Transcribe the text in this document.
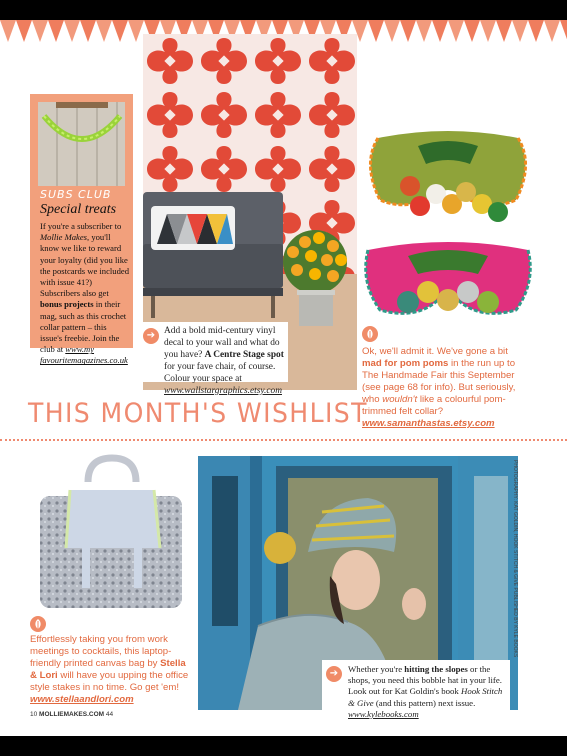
➔ Add a bold mid-century vinyl decal to your wall and what do you have? A Centre Stage spot for your fave chair, of course. Colour your space at www.wallstargraphics.etsy.com
SUBS CLUB
Special treats
If you're a subscriber to Mollie Makes, you'll know we like to reward your loyalty (did you like the postcards we included with issue 41?) Subscribers also get bonus projects in their mag, such as this crochet collar pattern – this issue's freebie. Join the club at www.my favouritemagazines.co.uk
Ok, we'll admit it. We've gone a bit mad for pom poms in the run up to The Handmade Fair this September (see page 68 for info). But seriously, who wouldn't like a colourful pom-trimmed felt collar? www.samanthastas.etsy.com
THIS MONTH'S WISHLIST
Effortlessly taking you from work meetings to cocktails, this laptop-friendly printed canvas bag by Stella & Lori will have you upping the office style stakes in no time. Go get 'em! www.stellaandlori.com
➔	Whether you're hitting the slopes or the shops, you need this bobble hat in your life. Look out for Kat Goldin's book Hook Stitch & Give (and this pattern) next issue. www.kylebooks.com
PHOTOGRAPHY: KAT GOLDIN, HOOK STITCH & GIVE PUBLISHED BY KYLE BOOKS
10 MOLLIEMAKES.COM 44
